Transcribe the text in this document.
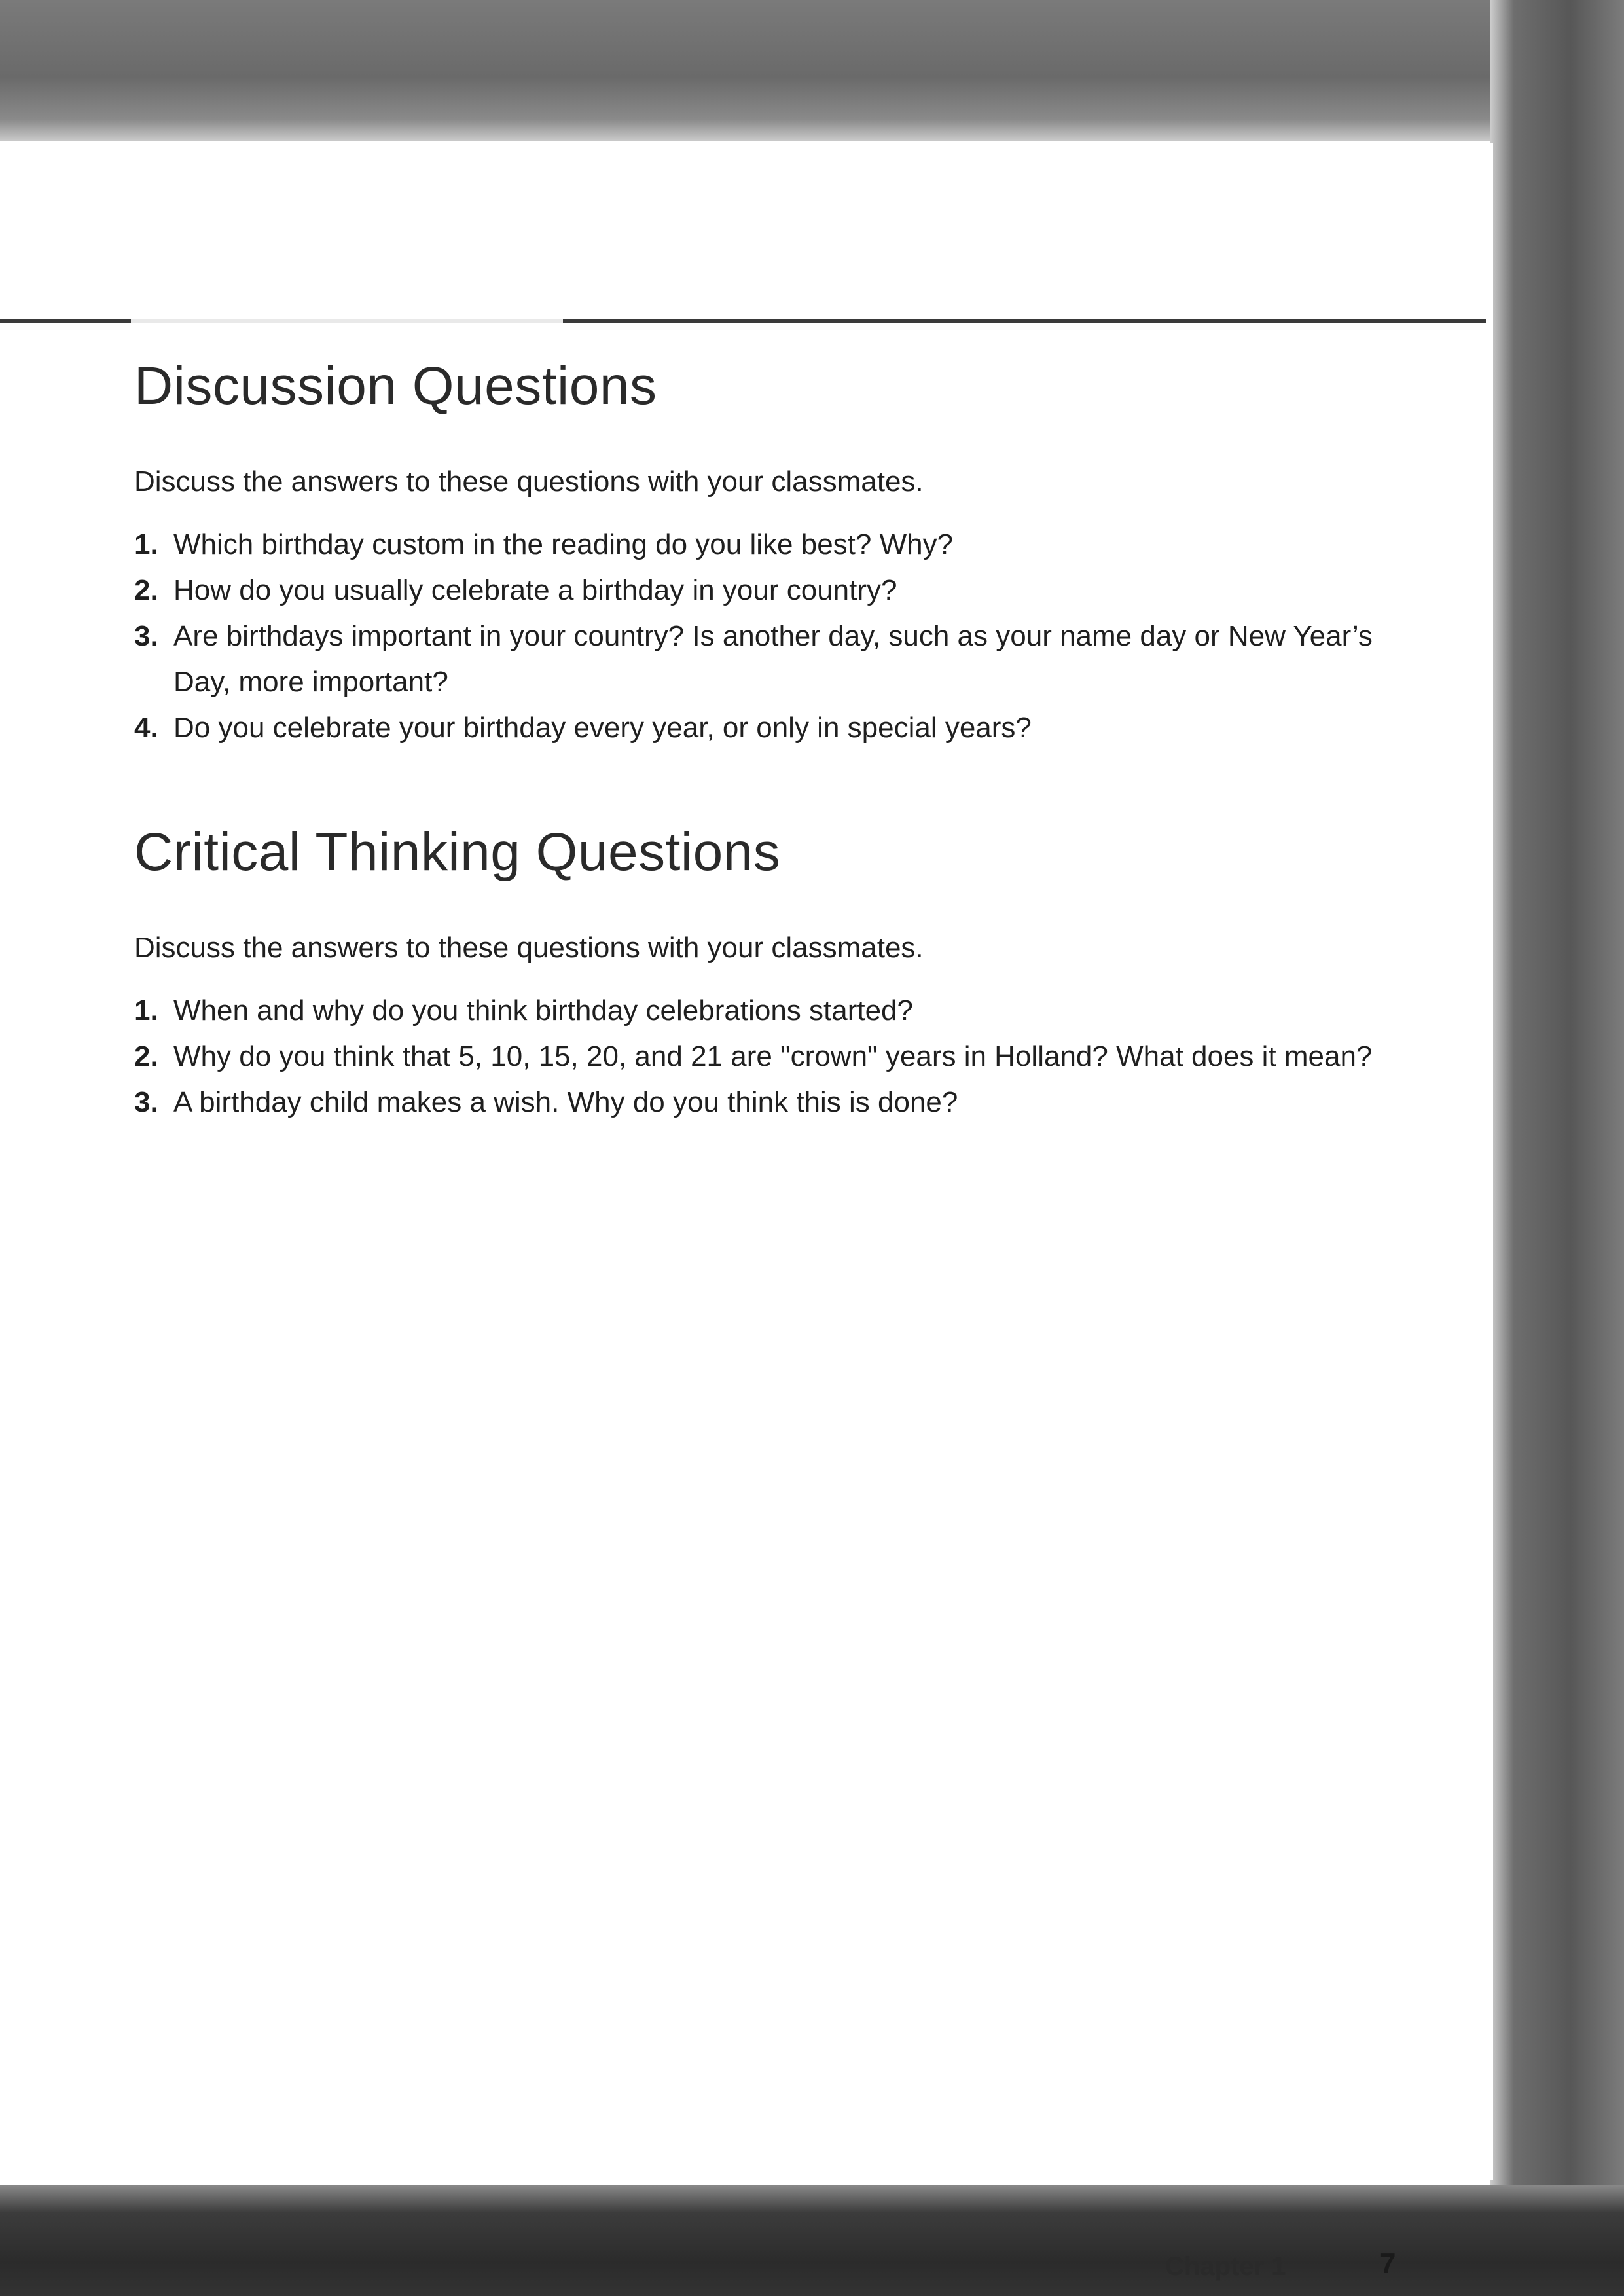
Discussion Questions

Discuss the answers to these questions with your classmates.

1. Which birthday custom in the reading do you like best? Why?
2. How do you usually celebrate a birthday in your country?
3. Are birthdays important in your country? Is another day, such as your name day or New Year’s Day, more important?
4. Do you celebrate your birthday every year, or only in special years?
Critical Thinking Questions

Discuss the answers to these questions with your classmates.

1. When and why do you think birthday celebrations started?
2. Why do you think that 5, 10, 15, 20, and 21 are "crown" years in Holland? What does it mean?
3. A birthday child makes a wish. Why do you think this is done?
Chapter 1	7
